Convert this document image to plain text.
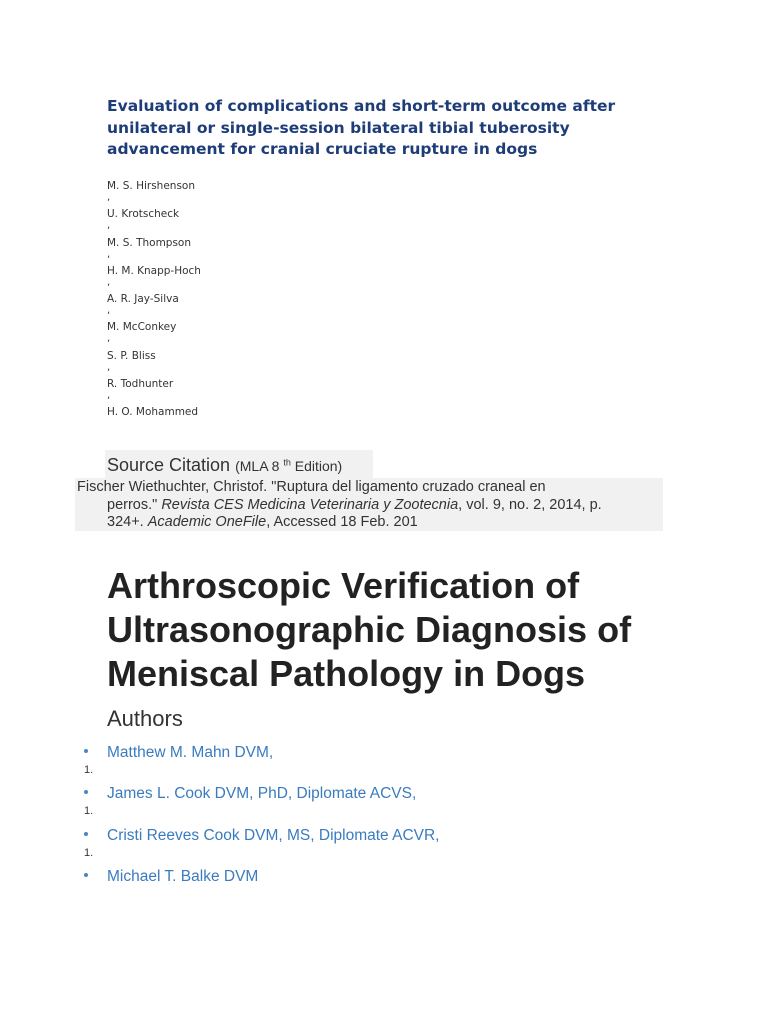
Evaluation of complications and short-term outcome after unilateral or single-session bilateral tibial tuberosity advancement for cranial cruciate rupture in dogs
M. S. Hirshenson
,
U. Krotscheck
,
M. S. Thompson
,
H. M. Knapp-Hoch
,
A. R. Jay-Silva
,
M. McConkey
,
S. P. Bliss
,
R. Todhunter
,
H. O. Mohammed
Source Citation (MLA 8 $^{th}$ Edition)
Fischer Wiethuchter, Christof. "Ruptura del ligamento cruzado craneal en
perros." Revista CES Medicina Veterinaria y Zootecnia, vol. 9, no. 2, 2014, p.
324+. Academic OneFile, Accessed 18 Feb. 201
Arthroscopic Verification of Ultrasonographic Diagnosis of Meniscal Pathology in Dogs
Authors
Matthew M. Mahn DVM,
1.
James L. Cook DVM, PhD, Diplomate ACVS,
1.
Cristi Reeves Cook DVM, MS, Diplomate ACVR,
1.
Michael T. Balke DVM
